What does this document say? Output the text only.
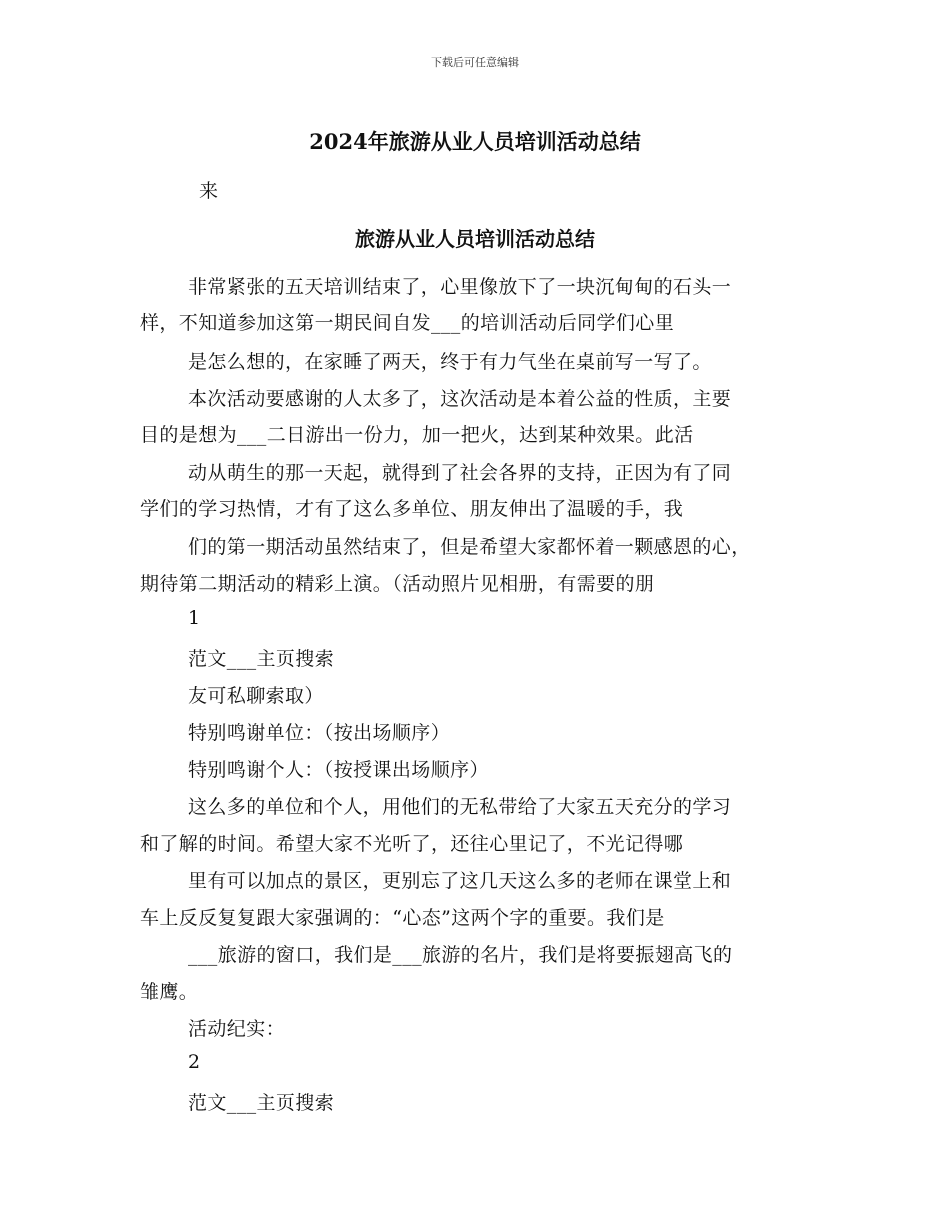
下载后可任意编辑
2024年旅游从业人员培训活动总结
来
旅游从业人员培训活动总结
非常紧张的五天培训结束了，心里像放下了一块沉甸甸的石头一
样，不知道参加这第一期民间自发___的培训活动后同学们心里
是怎么想的，在家睡了两天，终于有力气坐在桌前写一写了。
本次活动要感谢的人太多了，这次活动是本着公益的性质，主要
目的是想为___二日游出一份力，加一把火，达到某种效果。此活
动从萌生的那一天起，就得到了社会各界的支持，正因为有了同
学们的学习热情，才有了这么多单位、朋友伸出了温暖的手，我
们的第一期活动虽然结束了，但是希望大家都怀着一颗感恩的心，
期待第二期活动的精彩上演。（活动照片见相册，有需要的朋
1
范文___主页搜索
友可私聊索取）
特别鸣谢单位：（按出场顺序）
特别鸣谢个人：（按授课出场顺序）
这么多的单位和个人，用他们的无私带给了大家五天充分的学习
和了解的时间。希望大家不光听了，还往心里记了，不光记得哪
里有可以加点的景区，更别忘了这几天这么多的老师在课堂上和
车上反反复复跟大家强调的：“心态”这两个字的重要。我们是
___旅游的窗口，我们是___旅游的名片，我们是将要振翅高飞的
雏鹰。
活动纪实：
2
范文___主页搜索
